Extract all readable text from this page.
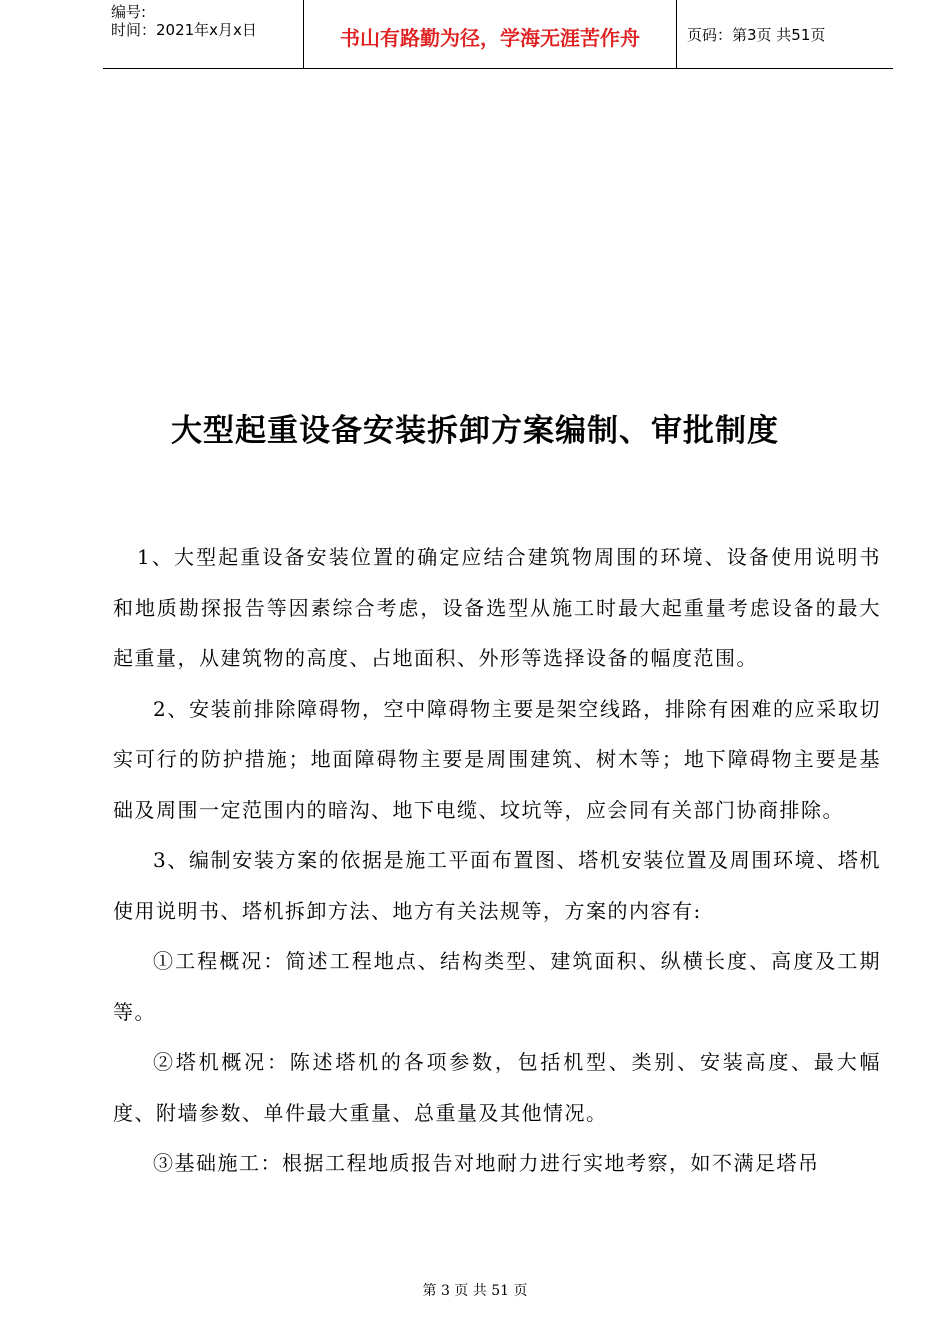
编号:
时间：2021年x月x日	书山有路勤为径，学海无涯苦作舟	页码：第3页 共51页
大型起重设备安装拆卸方案编制、审批制度

1、大型起重设备安装位置的确定应结合建筑物周围的环境、设备使用说明书和地质勘探报告等因素综合考虑，设备选型从施工时最大起重量考虑设备的最大起重量，从建筑物的高度、占地面积、外形等选择设备的幅度范围。

2、安装前排除障碍物，空中障碍物主要是架空线路，排除有困难的应采取切实可行的防护措施；地面障碍物主要是周围建筑、树木等；地下障碍物主要是基础及周围一定范围内的暗沟、地下电缆、坟坑等，应会同有关部门协商排除。

3、编制安装方案的依据是施工平面布置图、塔机安装位置及周围环境、塔机使用说明书、塔机拆卸方法、地方有关法规等，方案的内容有:

①工程概况：简述工程地点、结构类型、建筑面积、纵横长度、高度及工期等。

②塔机概况：陈述塔机的各项参数，包括机型、类别、安装高度、最大幅度、附墙参数、单件最大重量、总重量及其他情况。

③基础施工：根据工程地质报告对地耐力进行实地考察，如不满足塔吊

第 3 页 共 51 页
